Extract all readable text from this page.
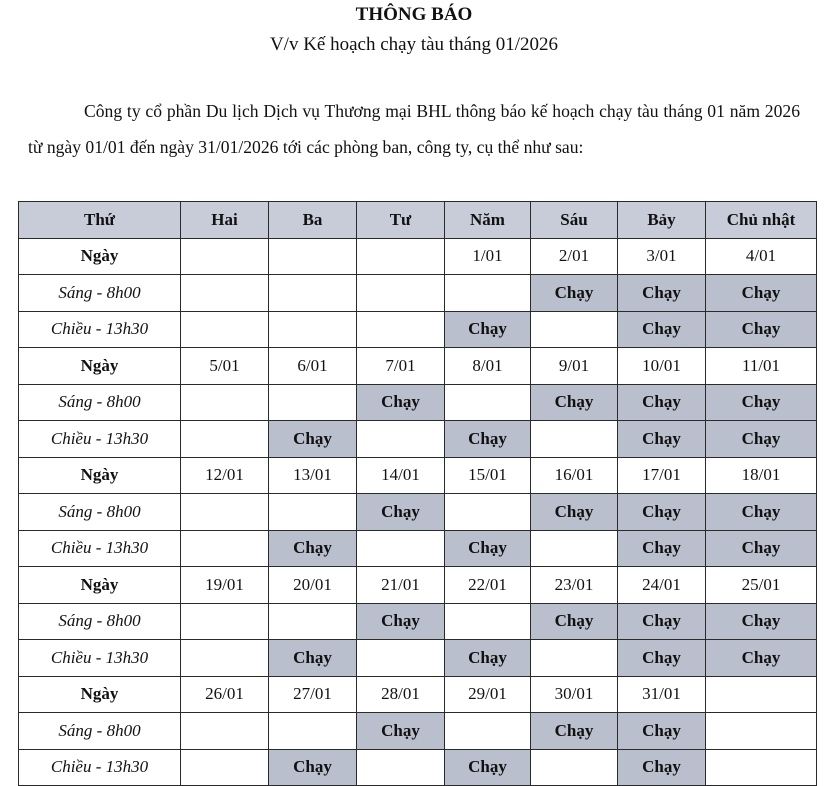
THÔNG BÁO
V/v Kế hoạch chạy tàu tháng 01/2026

Công ty cổ phần Du lịch Dịch vụ Thương mại BHL thông báo kế hoạch chạy tàu tháng 01 năm 2026 từ ngày 01/01 đến ngày 31/01/2026 tới các phòng ban, công ty, cụ thể như sau:

Thứ	Hai	Ba	Tư	Năm	Sáu	Bảy	Chủ nhật
Ngày				1/01	2/01	3/01	4/01
Sáng - 8h00					Chạy	Chạy	Chạy
Chiều - 13h30				Chạy		Chạy	Chạy
Ngày	5/01	6/01	7/01	8/01	9/01	10/01	11/01
Sáng - 8h00			Chạy		Chạy	Chạy	Chạy
Chiều - 13h30		Chạy		Chạy		Chạy	Chạy
Ngày	12/01	13/01	14/01	15/01	16/01	17/01	18/01
Sáng - 8h00			Chạy		Chạy	Chạy	Chạy
Chiều - 13h30		Chạy		Chạy		Chạy	Chạy
Ngày	19/01	20/01	21/01	22/01	23/01	24/01	25/01
Sáng - 8h00			Chạy		Chạy	Chạy	Chạy
Chiều - 13h30		Chạy		Chạy		Chạy	Chạy
Ngày	26/01	27/01	28/01	29/01	30/01	31/01	
Sáng - 8h00			Chạy		Chạy	Chạy	
Chiều - 13h30		Chạy		Chạy		Chạy	
